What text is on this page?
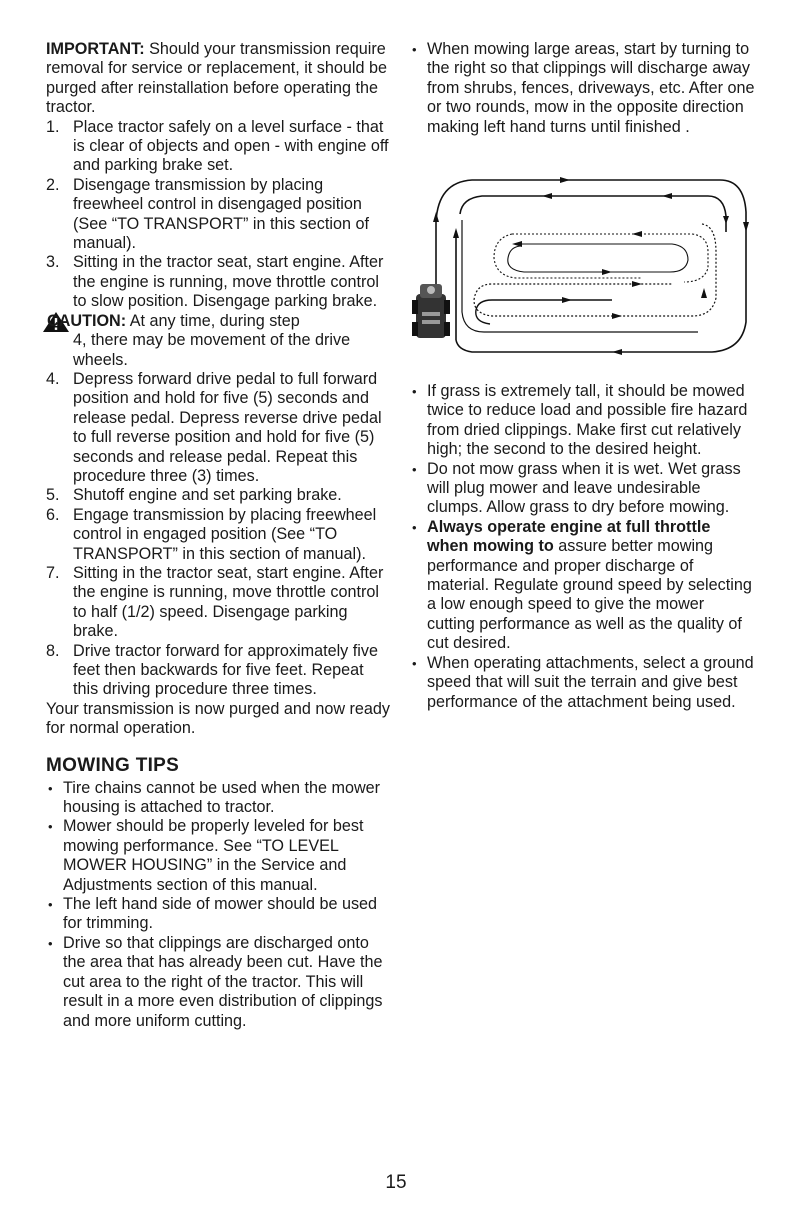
IMPORTANT: Should your transmission require removal for service or replacement, it should be purged after reinstallation before operating the tractor.

1. Place tractor safely on a level surface - that is clear of objects and open - with engine off and parking brake set.
2. Disengage transmission by placing freewheel control in disengaged position (See “TO TRANSPORT” in this section of manual).
3. Sitting in the tractor seat, start engine. After the engine is running, move throttle control to slow position. Disengage parking brake.
CAUTION: At any time, during step
4, there may be movement of the drive wheels.
4. Depress forward drive pedal to full forward position and hold for five (5) seconds and release pedal. Depress reverse drive pedal to full reverse position and hold for five (5) seconds and release pedal. Repeat this procedure three (3) times.
5. Shutoff engine and set parking brake.
6. Engage transmission by placing freewheel control in engaged position (See “TO TRANSPORT” in this section of manual).
7. Sitting in the tractor seat, start engine. After the engine is running, move throttle control to half (1/2) speed. Disengage parking brake.
8. Drive tractor forward for approximately five feet then backwards for five feet. Repeat this driving procedure three times.

Your transmission is now purged and now ready for normal operation.

MOWING TIPS
• Tire chains cannot be used when the mower housing is attached to tractor.
• Mower should be properly leveled for best mowing performance. See “TO LEVEL MOWER HOUSING” in the Service and Adjustments section of this manual.
• The left hand side of mower should be used for trimming.
• Drive so that clippings are discharged onto the area that has already been cut. Have the cut area to the right of the tractor. This will result in a more even distribution of clippings and more uniform cutting.
• When mowing large areas, start by turning to the right so that clippings will discharge away from shrubs, fences, driveways, etc. After one or two rounds, mow in the opposite direction making left hand turns until finished .
• If grass is extremely tall, it should be mowed twice to reduce load and possible fire hazard from dried clippings. Make first cut relatively high; the second to the desired height.
• Do not mow grass when it is wet. Wet grass will plug mower and leave undesirable clumps. Allow grass to dry before mowing.
• Always operate engine at full throttle when mowing to assure better mowing performance and proper discharge of material. Regulate ground speed by selecting a low enough speed to give the mower cutting performance as well as the quality of cut desired.
• When operating attachments, select a ground speed that will suit the terrain and give best performance of the attachment being used.
15
